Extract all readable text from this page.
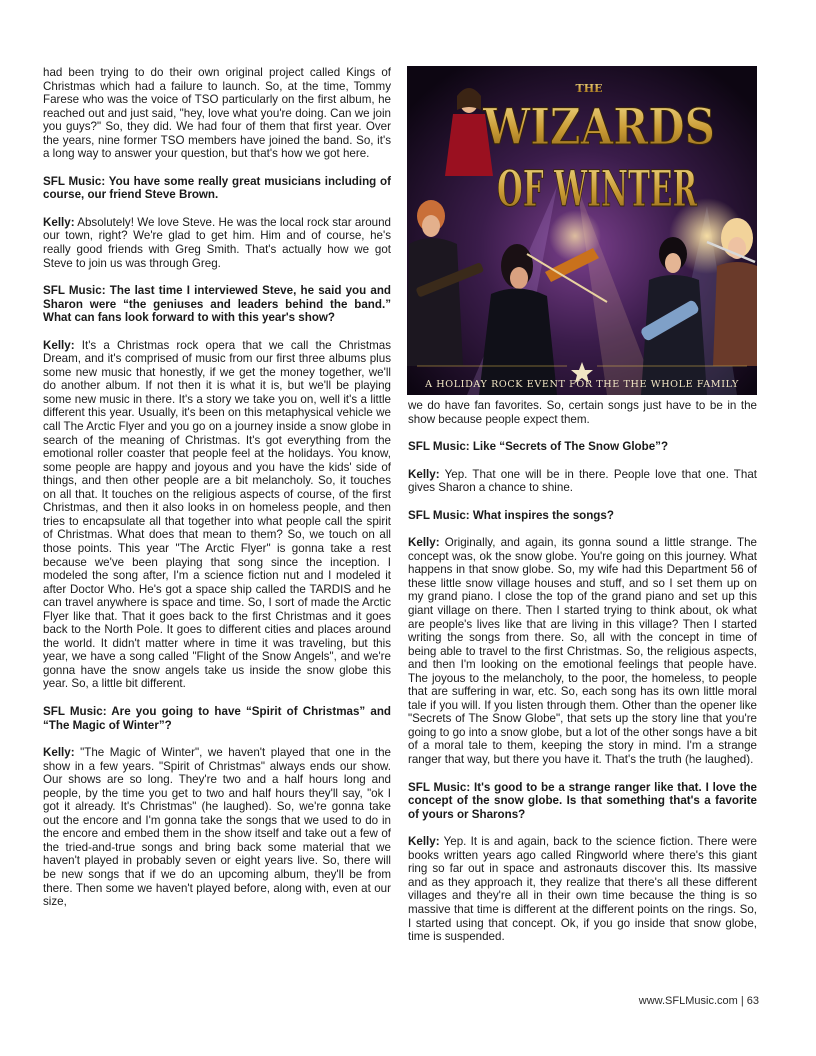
had been trying to do their own original project called Kings of Christmas which had a failure to launch. So, at the time, Tommy Farese who was the voice of TSO particularly on the first album, he reached out and just said, "hey, love what you're doing. Can we join you guys?" So, they did. We had four of them that first year. Over the years, nine former TSO members have joined the band. So, it's a long way to answer your question, but that's how we got here.

SFL Music: You have some really great musicians including of course, our friend Steve Brown.

Kelly: Absolutely! We love Steve. He was the local rock star around our town, right? We're glad to get him. Him and of course, he's really good friends with Greg Smith. That's actually how we got Steve to join us was through Greg.

SFL Music: The last time I interviewed Steve, he said you and Sharon were “the geniuses and leaders behind the band.” What can fans look forward to with this year's show?

Kelly: It's a Christmas rock opera that we call the Christmas Dream, and it's comprised of music from our first three albums plus some new music that honestly, if we get the money together, we'll do another album. If not then it is what it is, but we'll be playing some new music in there. It's a story we take you on, well it's a little different this year. Usually, it's been on this metaphysical vehicle we call The Arctic Flyer and you go on a journey inside a snow globe in search of the meaning of Christmas. It's got everything from the emotional roller coaster that people feel at the holidays. You know, some people are happy and joyous and you have the kids' side of things, and then other people are a bit melancholy. So, it touches on all that. It touches on the religious aspects of course, of the first Christmas, and then it also looks in on homeless people, and then tries to encapsulate all that together into what people call the spirit of Christmas. What does that mean to them? So, we touch on all those points. This year "The Arctic Flyer" is gonna take a rest because we've been playing that song since the inception. I modeled the song after, I'm a science fiction nut and I modeled it after Doctor Who. He's got a space ship called the TARDIS and he can travel anywhere is space and time. So, I sort of made the Arctic Flyer like that. That it goes back to the first Christmas and it goes back to the North Pole. It goes to different cities and places around the world. It didn't matter where in time it was traveling, but this year, we have a song called "Flight of the Snow Angels", and we're gonna have the snow angels take us inside the snow globe this year. So, a little bit different.

SFL Music: Are you going to have “Spirit of Christmas” and “The Magic of Winter”?

Kelly: "The Magic of Winter", we haven't played that one in the show in a few years. "Spirit of Christmas" always ends our show. Our shows are so long. They're two and a half hours long and people, by the time you get to two and half hours they'll say, "ok I got it already. It's Christmas" (he laughed). So, we're gonna take out the encore and I'm gonna take the songs that we used to do in the encore and embed them in the show itself and take out a few of the tried-and-true songs and bring back some material that we haven't played in probably seven or eight years live. So, there will be new songs that if we do an upcoming album, they'll be from there. Then some we haven't played before, along with, even at our size,

THE
WIZARDS
OF WINTER
A HOLIDAY ROCK EVENT FOR THE THE WHOLE FAMILY

we do have fan favorites. So, certain songs just have to be in the show because people expect them.

SFL Music: Like “Secrets of The Snow Globe”?

Kelly: Yep. That one will be in there. People love that one. That gives Sharon a chance to shine.

SFL Music: What inspires the songs?

Kelly: Originally, and again, its gonna sound a little strange. The concept was, ok the snow globe. You're going on this journey. What happens in that snow globe. So, my wife had this Department 56 of these little snow village houses and stuff, and so I set them up on my grand piano. I close the top of the grand piano and set up this giant village on there. Then I started trying to think about, ok what are people's lives like that are living in this village? Then I started writing the songs from there. So, all with the concept in time of being able to travel to the first Christmas. So, the religious aspects, and then I'm looking on the emotional feelings that people have. The joyous to the melancholy, to the poor, the homeless, to people that are suffering in war, etc. So, each song has its own little moral tale if you will. If you listen through them. Other than the opener like "Secrets of The Snow Globe", that sets up the story line that you're going to go into a snow globe, but a lot of the other songs have a bit of a moral tale to them, keeping the story in mind. I'm a strange ranger that way, but there you have it. That's the truth (he laughed).

SFL Music: It's good to be a strange ranger like that. I love the concept of the snow globe. Is that something that's a favorite of yours or Sharons?

Kelly: Yep. It is and again, back to the science fiction. There were books written years ago called Ringworld where there's this giant ring so far out in space and astronauts discover this. Its massive and as they approach it, they realize that there's all these different villages and they're all in their own time because the thing is so massive that time is different at the different points on the rings. So, I started using that concept. Ok, if you go inside that snow globe, time is suspended.

www.SFLMusic.com | 63
